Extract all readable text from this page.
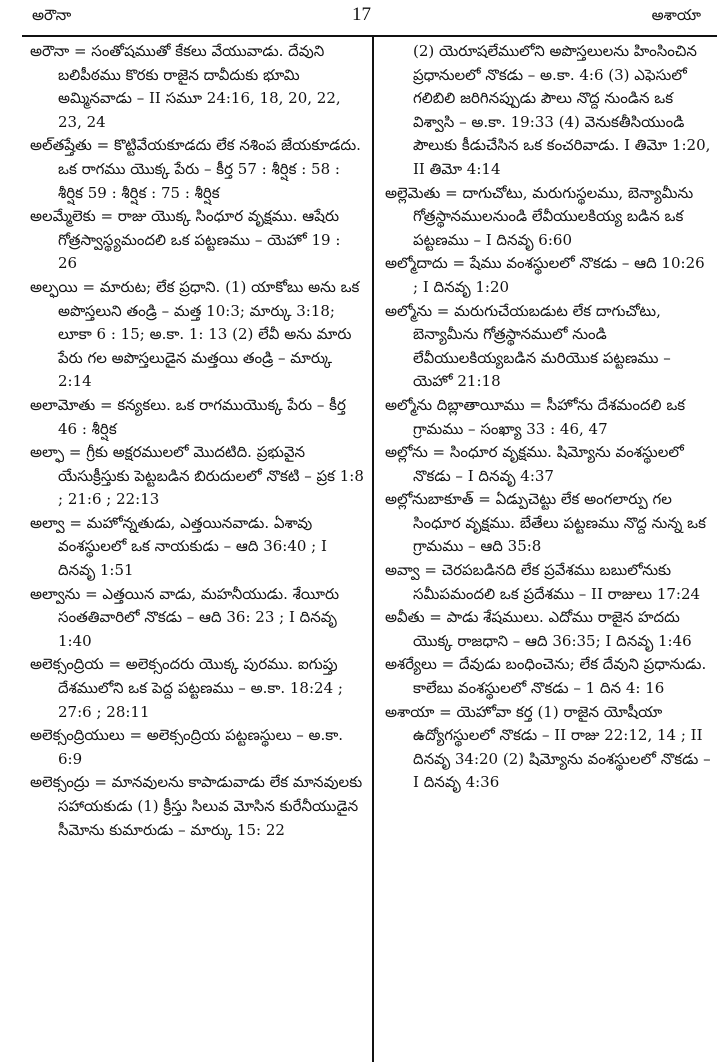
అరౌనా	17	అశాయా

అరౌనా = సంతోషముతో కేకలు వేయువాడు. దేవుని బలిపీఠము కొరకు రాజైన దావీదుకు భూమి అమ్మినవాడు – II సమూ 24:16, 18, 20, 22, 23, 24

అల్‌తష్తేతు = కొట్టివేయకూడదు లేక నశింప జేయకూడదు. ఒక రాగము యొక్క పేరు – కీర్త 57 : శీర్షిక : 58 : శీర్షిక 59 : శీర్షిక : 75 : శీర్షిక

అలమ్మేలెకు = రాజు యొక్క సింధూర వృక్షము. ఆషేరు గోత్రస్వాస్థ్యమందలి ఒక పట్టణము – యెహో 19 : 26

అల్ఫయి = మారుట; లేక ప్రధాని. (1) యాకోబు అను ఒక అపొస్తలుని తండ్రి – మత్త 10:3; మార్కు 3:18; లూకా 6 : 15; అ.కా. 1: 13 (2) లేవీ అను మారు పేరు గల అపొస్తలుడైన మత్తయి తండ్రి – మార్కు 2:14

అలామోతు = కన్యకలు. ఒక రాగముయొక్క పేరు – కీర్త 46 : శీర్షిక

అల్ఫా = గ్రీకు అక్షరములలో మొదటిది. ప్రభువైన యేసుక్రీస్తుకు పెట్టబడిన బిరుదులలో నొకటి – ప్రక 1:8 ; 21:6 ; 22:13

అల్వా = మహోన్నతుడు, ఎత్తయినవాడు. ఏశావు వంశస్థులలో ఒక నాయకుడు – ఆది 36:40 ; I దినవృ 1:51

అల్వాను = ఎత్తయిన వాడు, మహనీయుడు. శేయీరు సంతతివారిలో నొకడు – ఆది 36: 23 ; I దినవృ 1:40

అలెక్సంద్రియ = అలెక్సందరు యొక్క పురము. ఐగుప్తు దేశములోని ఒక పెద్ద పట్టణము – అ.కా. 18:24 ; 27:6 ; 28:11

అలెక్సంద్రియులు = అలెక్సంద్రియ పట్టణస్థులు – అ.కా. 6:9

అలెక్సంద్రు = మానవులను కాపాడువాడు లేక మానవులకు సహాయకుడు (1) క్రీస్తు సిలువ మోసిన కురేనీయుడైన సీమోను కుమారుడు – మార్కు 15: 22

(2) యెరూషలేములోని అపొస్తలులను హింసించిన ప్రధానులలో నొకడు – అ.కా. 4:6 (3) ఎఫెసులో గలిబిలి జరిగినప్పుడు పౌలు నొద్ద నుండిన ఒక విశ్వాసి – అ.కా. 19:33 (4) వెనుకతీసియుండి పౌలుకు కీడుచేసిన ఒక కంచరివాడు. I తిమో 1:20, II తిమో 4:14

అల్లెమెతు = దాగుచోటు, మరుగుస్థలము, బెన్యామీను గోత్రస్థానములనుండి లేవీయులకియ్య బడిన ఒక పట్టణము – I దినవృ 6:60

అల్మోదాదు = షేము వంశస్థులలో నొకడు – ఆది 10:26 ; I దినవృ 1:20

అల్మోను = మరుగుచేయబడుట లేక దాగుచోటు, బెన్యామీను గోత్రస్థానములో నుండి లేవీయులకియ్యబడిన మరియొక పట్టణము – యెహో 21:18

అల్మోను దిబ్లాతాయీము = సీహోను దేశమందలి ఒక గ్రామము – సంఖ్యా 33 : 46, 47

అల్లోను = సింధూర వృక్షము. షిమ్యోను వంశస్థులలో నొకడు – I దినవృ 4:37

అల్లోనుబాకూత్ = ఏడ్పుచెట్టు లేక అంగలార్పు గల సింధూర వృక్షము. బేతేలు పట్టణము నొద్ద నున్న ఒక గ్రామము – ఆది 35:8

అవ్వా = చెరపబడినది లేక ప్రవేశము బబులోనుకు సమీపమందలి ఒక ప్రదేశము – II రాజులు 17:24

అవీతు = పాడు శేషములు. ఎదోము రాజైన హదదు యొక్క రాజధాని – ఆది 36:35; I దినవృ 1:46

అశర్యేలు = దేవుడు బంధించెను; లేక దేవుని ప్రధానుడు. కాలేబు వంశస్థులలో నొకడు – 1 దిన 4: 16

అశాయా = యెహోవా కర్త (1) రాజైన యోషీయా ఉద్యోగస్థులలో నొకడు – II రాజు 22:12, 14 ; II దినవృ 34:20 (2) షిమ్యోను వంశస్థులలో నొకడు – I దినవృ 4:36
